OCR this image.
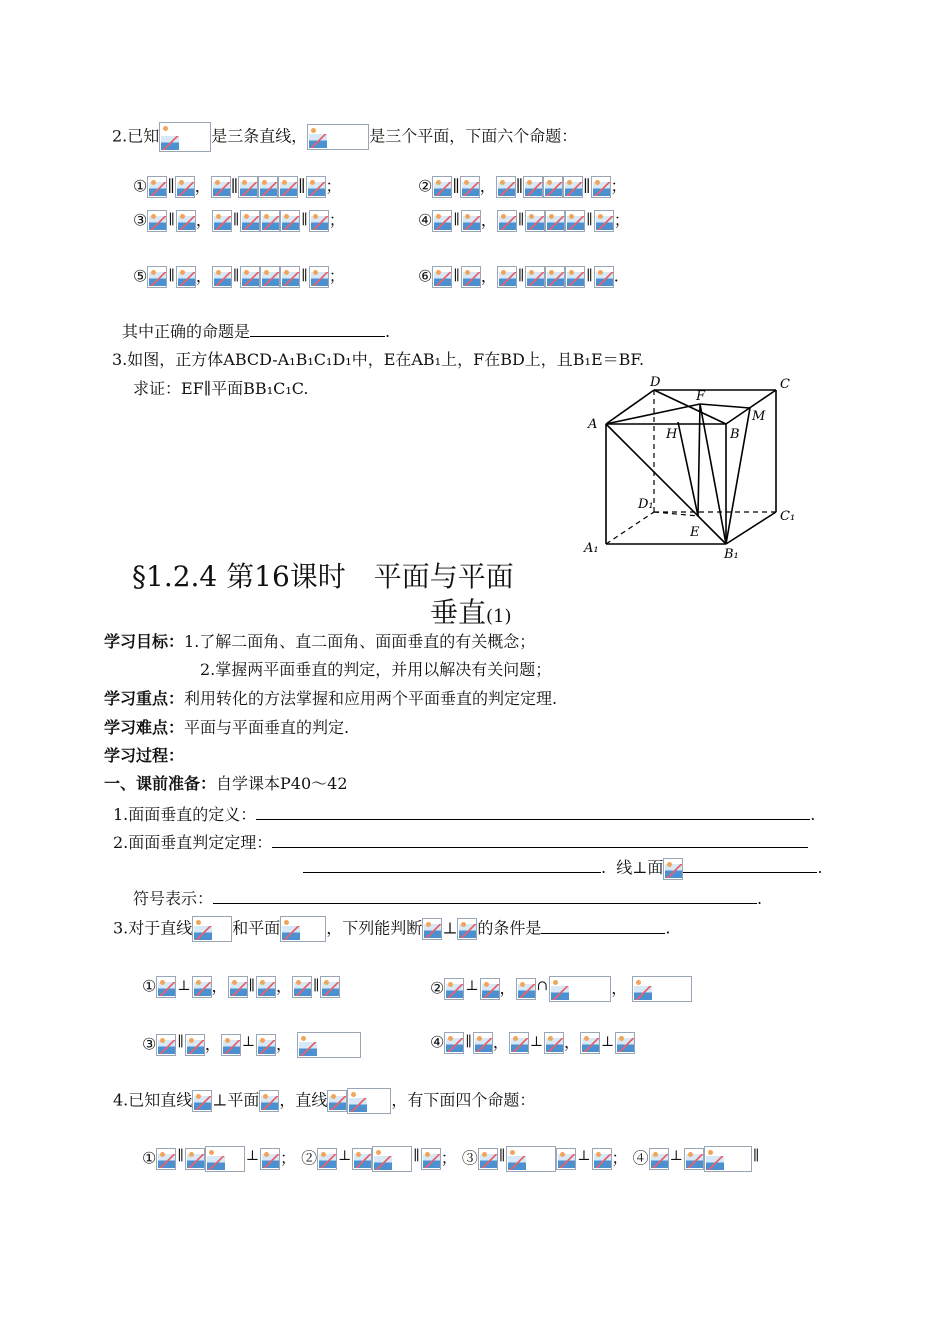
2.已知	是三条直线，	是三个平面，下面六个命题：
① ∥ ， ∥	∥ ；	② ∥ ， ∥	∥ ；
③ ∥ ， ∥	∥ ；	④ ∥ ， ∥	∥ ；
⑤ ∥ ， ∥	∥ ；	⑥ ∥ ， ∥	∥ .
其中正确的命题是	.
3.如图，正方体ABCD-A₁B₁C₁D₁中，E在AB₁上，F在BD上，且B₁E＝BF.
求证：EF∥平面BB₁C₁C.	D	C
F
M
A
H	B
D₁
C₁
E
A₁	B₁
§1.2.4 第16课时　平面与平面
垂直(1)
学习目标：1.了解二面角、直二面角、面面垂直的有关概念；
2.掌握两平面垂直的判定，并用以解决有关问题；
学习重点：利用转化的方法掌握和应用两个平面垂直的判定定理.
学习难点：平面与平面垂直的判定.
学习过程：
一、课前准备：自学课本P40～42
1.面面垂直的定义：	.
2.面面垂直判定定理：
. 线⊥面	.
符号表示：	.
3.对于直线	和平面	，下列能判断 ⊥ 的条件是	.
① ⊥ ， ∥ ， ∥	② ⊥ ， ∩	，
③ ∥ ， ⊥ ，	④ ∥ ， ⊥ ， ⊥
4.已知直线 ⊥平面 ，直线	，有下面四个命题：
① ∥	⊥ ； ② ⊥	∥ ； ③ ∥	⊥ ； ④ ⊥	∥
